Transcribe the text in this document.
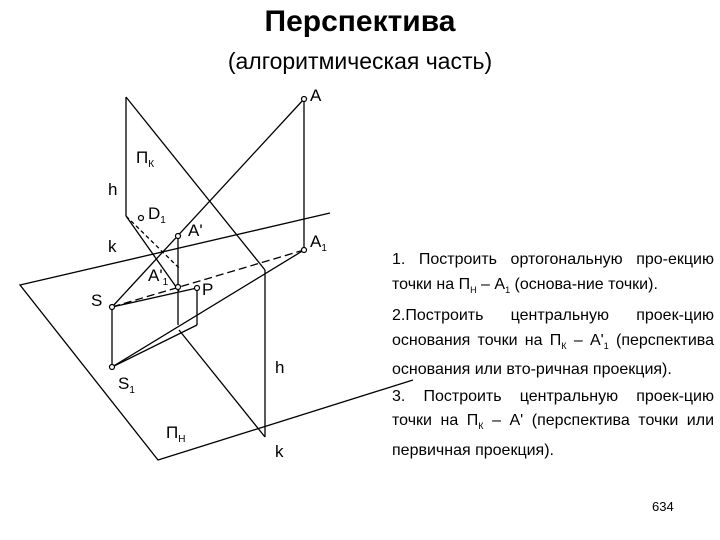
Перспектива
(алгоритмическая часть)
A
$A_1$
$П_К$
h
$D_1$
A'
k
$A'_1$ P
S
h
$S_1$
$П_Н$
k

1. Построить ортогональную про-екцию точки на $П_Н - А_1$ (основа-ние точки).

2.Построить центральную проек-цию основания точки на $П_К - А'_1$ (перспектива основания или вто-ричная проекция).

3. Построить центральную проек-цию точки на $П_К$ – А' (перспектива точки или первичная проекция).

634
